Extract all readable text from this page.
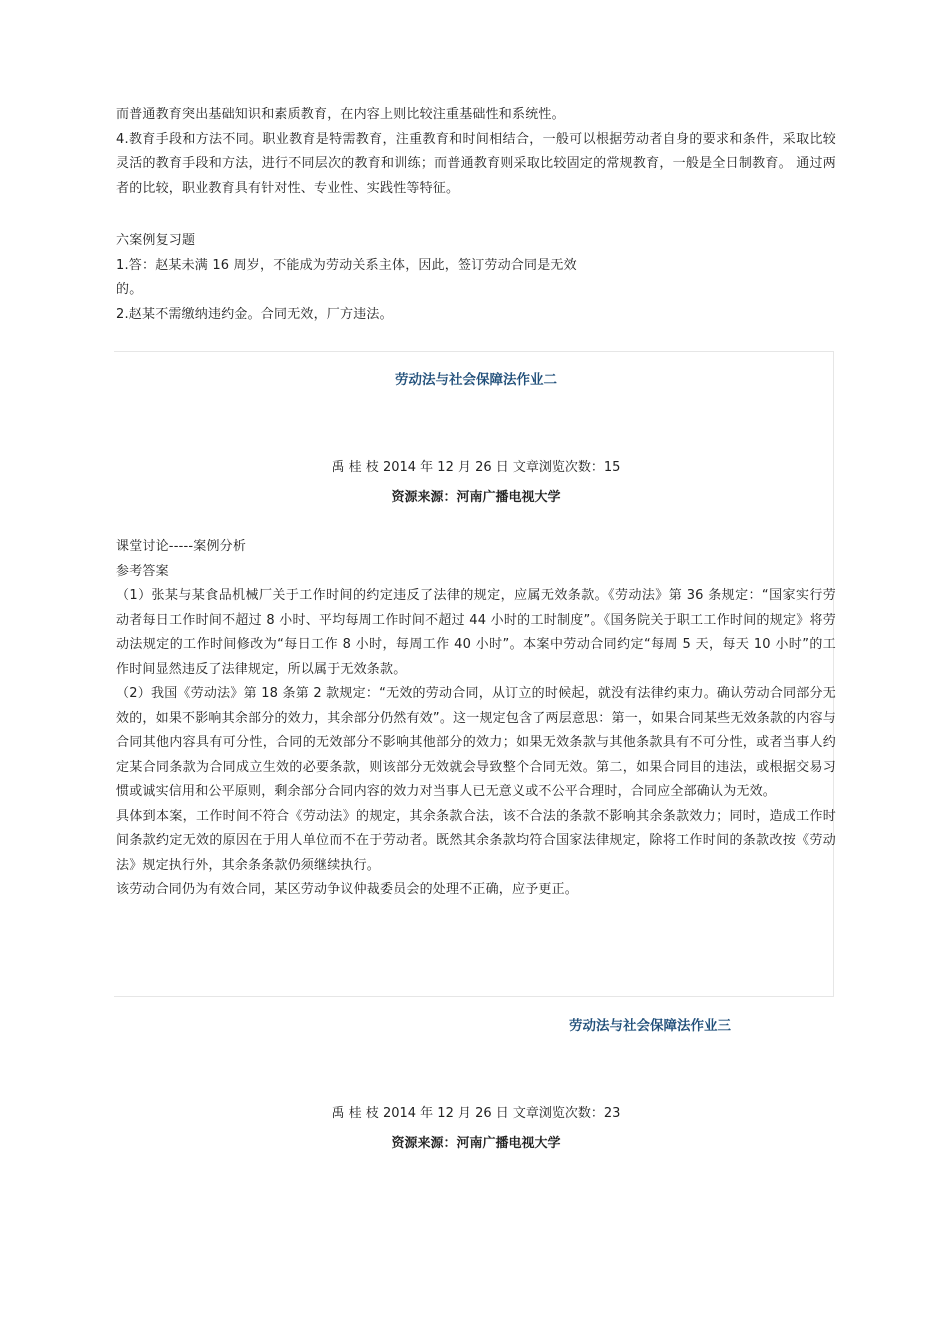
而普通教育突出基础知识和素质教育，在内容上则比较注重基础性和系统性。

4.教育手段和方法不同。职业教育是特需教育，注重教育和时间相结合，一般可以根据劳动者自身的要求和条件，采取比较灵活的教育手段和方法，进行不同层次的教育和训练；而普通教育则采取比较固定的常规教育，一般是全日制教育。 通过两者的比较，职业教育具有针对性、专业性、实践性等特征。

六案例复习题

1.答：赵某未满 16 周岁，不能成为劳动关系主体，因此，签订劳动合同是无效

的。

2.赵某不需缴纳违约金。合同无效，厂方违法。

劳动法与社会保障法作业二
禹 桂 枝 2014 年 12 月 26 日 文章浏览次数：15
资源来源：河南广播电视大学

课堂讨论-----案例分析

参考答案

（1）张某与某食品机械厂关于工作时间的约定违反了法律的规定，应属无效条款。《劳动法》第 36 条规定：“国家实行劳动者每日工作时间不超过 8 小时、平均每周工作时间不超过 44 小时的工时制度”。《国务院关于职工工作时间的规定》将劳动法规定的工作时间修改为“每日工作 8 小时，每周工作 40 小时”。本案中劳动合同约定“每周 5 天，每天 10 小时”的工作时间显然违反了法律规定，所以属于无效条款。

（2）我国《劳动法》第 18 条第 2 款规定：“无效的劳动合同，从订立的时候起，就没有法律约束力。确认劳动合同部分无效的，如果不影响其余部分的效力，其余部分仍然有效”。这一规定包含了两层意思：第一，如果合同某些无效条款的内容与合同其他内容具有可分性，合同的无效部分不影响其他部分的效力；如果无效条款与其他条款具有不可分性，或者当事人约定某合同条款为合同成立生效的必要条款，则该部分无效就会导致整个合同无效。第二，如果合同目的违法，或根据交易习惯或诚实信用和公平原则，剩余部分合同内容的效力对当事人已无意义或不公平合理时，合同应全部确认为无效。

具体到本案，工作时间不符合《劳动法》的规定，其余条款合法，该不合法的条款不影响其余条款效力；同时，造成工作时间条款约定无效的原因在于用人单位而不在于劳动者。既然其余条款均符合国家法律规定，除将工作时间的条款改按《劳动法》规定执行外，其余条条款仍须继续执行。

该劳动合同仍为有效合同，某区劳动争议仲裁委员会的处理不正确，应予更正。

劳动法与社会保障法作业三
禹 桂 枝 2014 年 12 月 26 日 文章浏览次数：23
资源来源：河南广播电视大学
